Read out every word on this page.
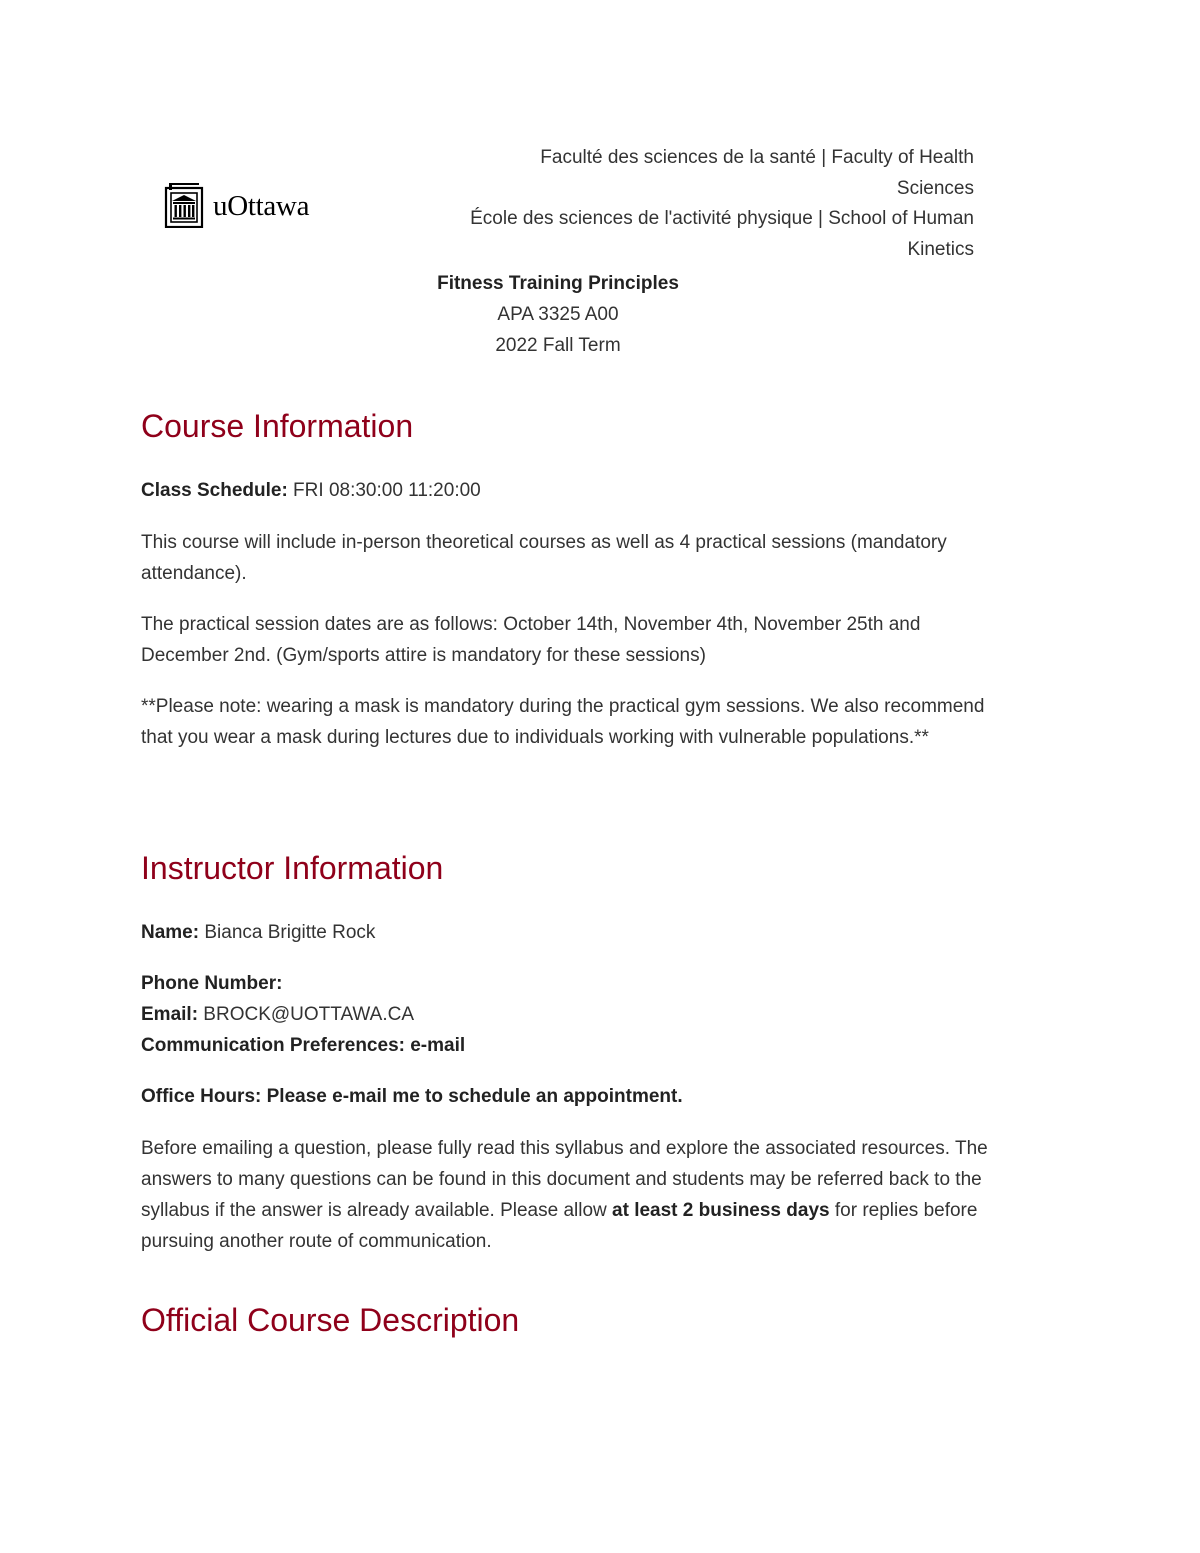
uOttawa
Faculté des sciences de la santé | Faculty of Health
Sciences
École des sciences de l'activité physique | School of Human
Kinetics
Fitness Training Principles
APA 3325 A00
2022 Fall Term
Course Information
Class Schedule: FRI 08:30:00 11:20:00
This course will include in-person theoretical courses as well as 4 practical sessions (mandatory
attendance).
The practical session dates are as follows: October 14th, November 4th, November 25th and
December 2nd. (Gym/sports attire is mandatory for these sessions)
**Please note: wearing a mask is mandatory during the practical gym sessions. We also recommend
that you wear a mask during lectures due to individuals working with vulnerable populations.**
Instructor Information
Name: Bianca Brigitte Rock
Phone Number:
Email: BROCK@UOTTAWA.CA
Communication Preferences: e-mail
Office Hours: Please e-mail me to schedule an appointment.
Before emailing a question, please fully read this syllabus and explore the associated resources. The
answers to many questions can be found in this document and students may be referred back to the
syllabus if the answer is already available. Please allow at least 2 business days for replies before
pursuing another route of communication.
Official Course Description
